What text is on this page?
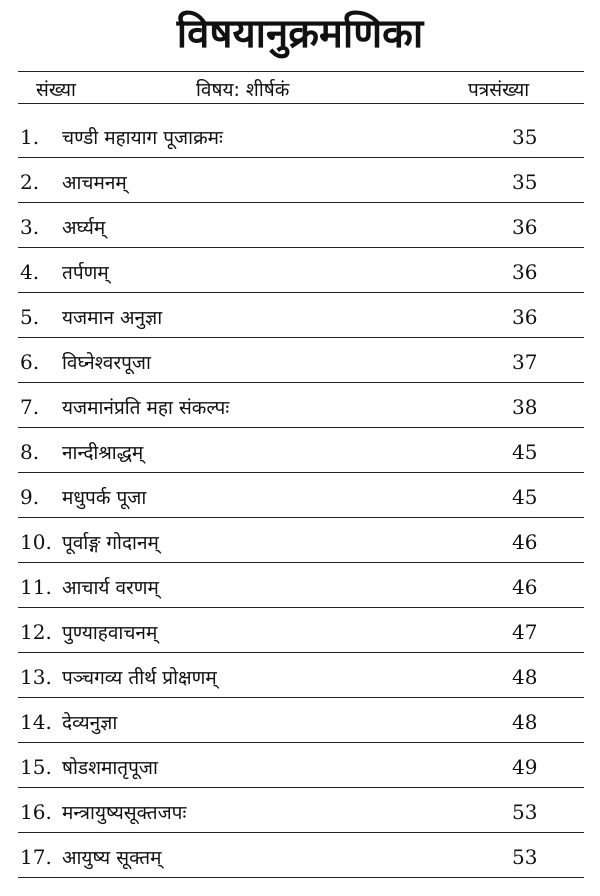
विषयानुक्रमणिका
संख्या	विषय: शीर्षकं	पत्रसंख्या
1. चण्डी महायाग पूजाक्रमः	35
2. आचमनम्	35
3. अर्घ्यम्	36
4. तर्पणम्	36
5. यजमान अनुज्ञा	36
6. विघ्नेश्वरपूजा	37
7. यजमानंप्रति महा संकल्पः	38
8. नान्दीश्राद्धम्	45
9. मधुपर्क पूजा	45
10. पूर्वाङ्ग गोदानम्	46
11. आचार्य वरणम्	46
12. पुण्याहवाचनम्	47
13. पञ्चगव्य तीर्थ प्रोक्षणम्	48
14. देव्यनुज्ञा	48
15. षोडशमातृपूजा	49
16. मन्त्रायुष्यसूक्तजपः	53
17. आयुष्य सूक्तम्	53
